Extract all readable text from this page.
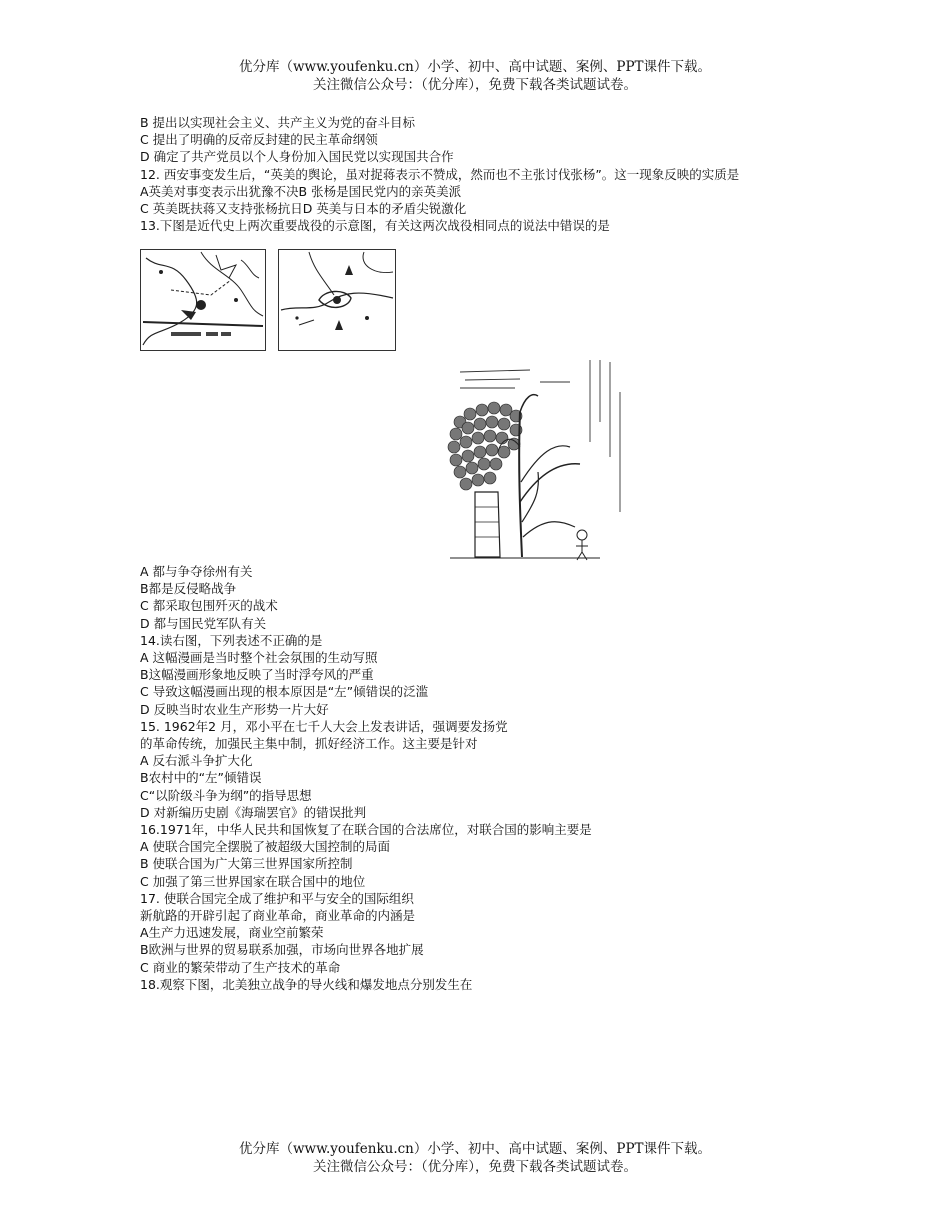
优分库（www.youfenku.cn）小学、初中、高中试题、案例、PPT课件下载。
关注微信公众号：（优分库），免费下载各类试题试卷。
B 提出以实现社会主义、共产主义为党的奋斗目标
C 提出了明确的反帝反封建的民主革命纲领
D 确定了共产党员以个人身份加入国民党以实现国共合作
12. 西安事变发生后，“英美的舆论，虽对捉蒋表示不赞成，然而也不主张讨伐张杨”。这一现象反映的实质是
A英美对事变表示出犹豫不决B 张杨是国民党内的亲英美派
C 英美既扶蒋又支持张杨抗日D 英美与日本的矛盾尖锐激化
13.下图是近代史上两次重要战役的示意图，有关这两次战役相同点的说法中错误的是
A 都与争夺徐州有关
B都是反侵略战争
C 都采取包围歼灭的战术
D 都与国民党军队有关
14.读右图，下列表述不正确的是
A 这幅漫画是当时整个社会氛围的生动写照
B这幅漫画形象地反映了当时浮夸风的严重
C 导致这幅漫画出现的根本原因是“左”倾错误的泛滥
D 反映当时农业生产形势一片大好
15. 1962年2 月，邓小平在七千人大会上发表讲话，强调要发扬党
的革命传统，加强民主集中制，抓好经济工作。这主要是针对
A 反右派斗争扩大化
B农村中的“左”倾错误
C“以阶级斗争为纲”的指导思想
D 对新编历史剧《海瑞罢官》的错误批判
16.1971年，中华人民共和国恢复了在联合国的合法席位，对联合国的影响主要是
A 使联合国完全摆脱了被超级大国控制的局面
B 使联合国为广大第三世界国家所控制
C 加强了第三世界国家在联合国中的地位
17. 使联合国完全成了维护和平与安全的国际组织
新航路的开辟引起了商业革命，商业革命的内涵是
A生产力迅速发展，商业空前繁荣
B欧洲与世界的贸易联系加强，市场向世界各地扩展
C 商业的繁荣带动了生产技术的革命
18.观察下图，北美独立战争的导火线和爆发地点分别发生在
优分库（www.youfenku.cn）小学、初中、高中试题、案例、PPT课件下载。
关注微信公众号：（优分库），免费下载各类试题试卷。
